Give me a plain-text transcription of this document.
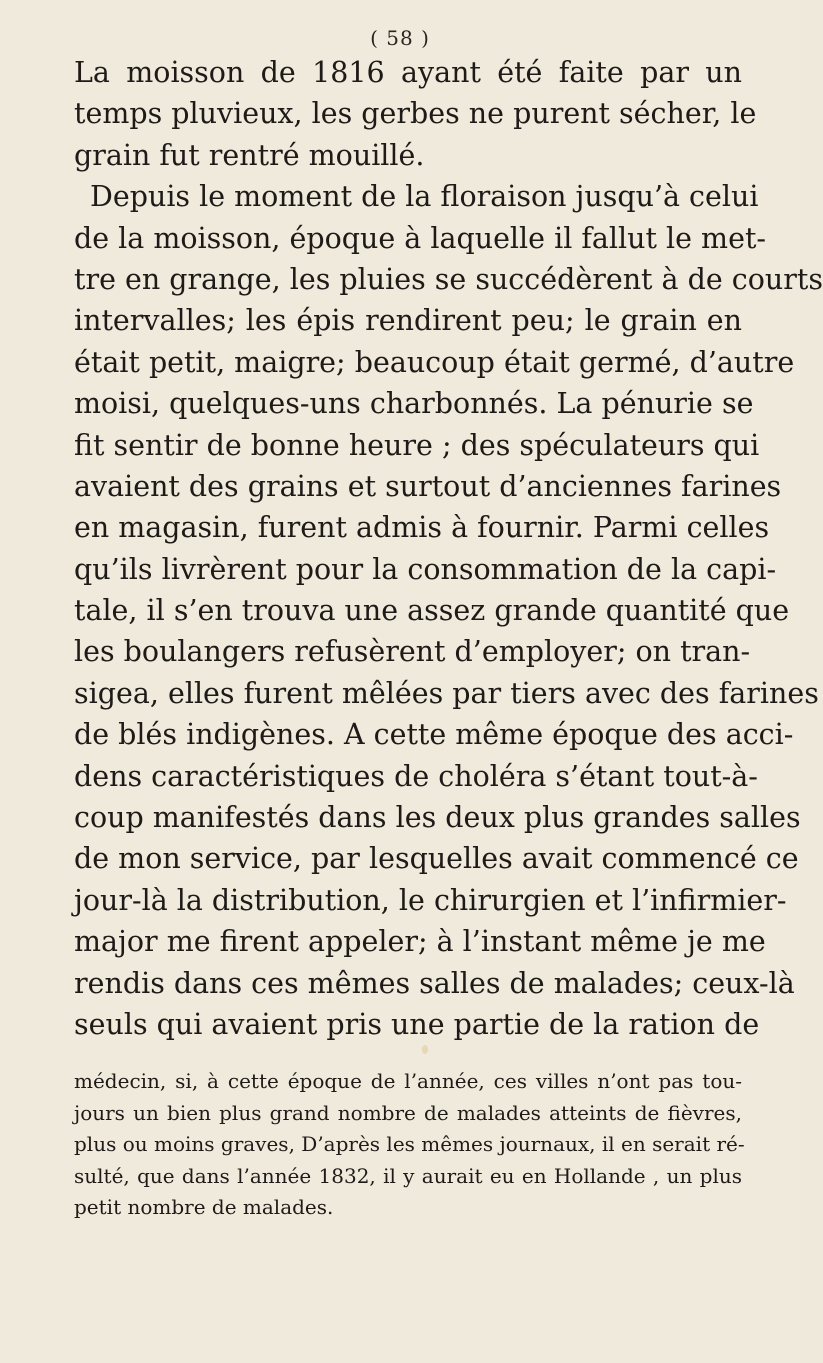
( 58 )
La moisson de 1816 ayant été faite par un
temps pluvieux, les gerbes ne purent sécher, le
grain fut rentré mouillé.
Depuis le moment de la floraison jusqu’à celui
de la moisson, époque à laquelle il fallut le met-
tre en grange, les pluies se succédèrent à de courts
intervalles; les épis rendirent peu; le grain en
était petit, maigre; beaucoup était germé, d’autre
moisi, quelques-uns charbonnés. La pénurie se
fit sentir de bonne heure ; des spéculateurs qui
avaient des grains et surtout d’anciennes farines
en magasin, furent admis à fournir. Parmi celles
qu’ils livrèrent pour la consommation de la capi-
tale, il s’en trouva une assez grande quantité que
les boulangers refusèrent d’employer; on tran-
sigea, elles furent mêlées par tiers avec des farines
de blés indigènes. A cette même époque des acci-
dens caractéristiques de choléra s’étant tout-à-
coup manifestés dans les deux plus grandes salles
de mon service, par lesquelles avait commencé ce
jour-là la distribution, le chirurgien et l’infirmier-
major me firent appeler; à l’instant même je me
rendis dans ces mêmes salles de malades; ceux-là
seuls qui avaient pris une partie de la ration de
médecin, si, à cette époque de l’année, ces villes n’ont pas tou-
jours un bien plus grand nombre de malades atteints de fièvres,
plus ou moins graves, D’après les mêmes journaux, il en serait ré-
sulté, que dans l’année 1832, il y aurait eu en Hollande , un plus
petit nombre de malades.
